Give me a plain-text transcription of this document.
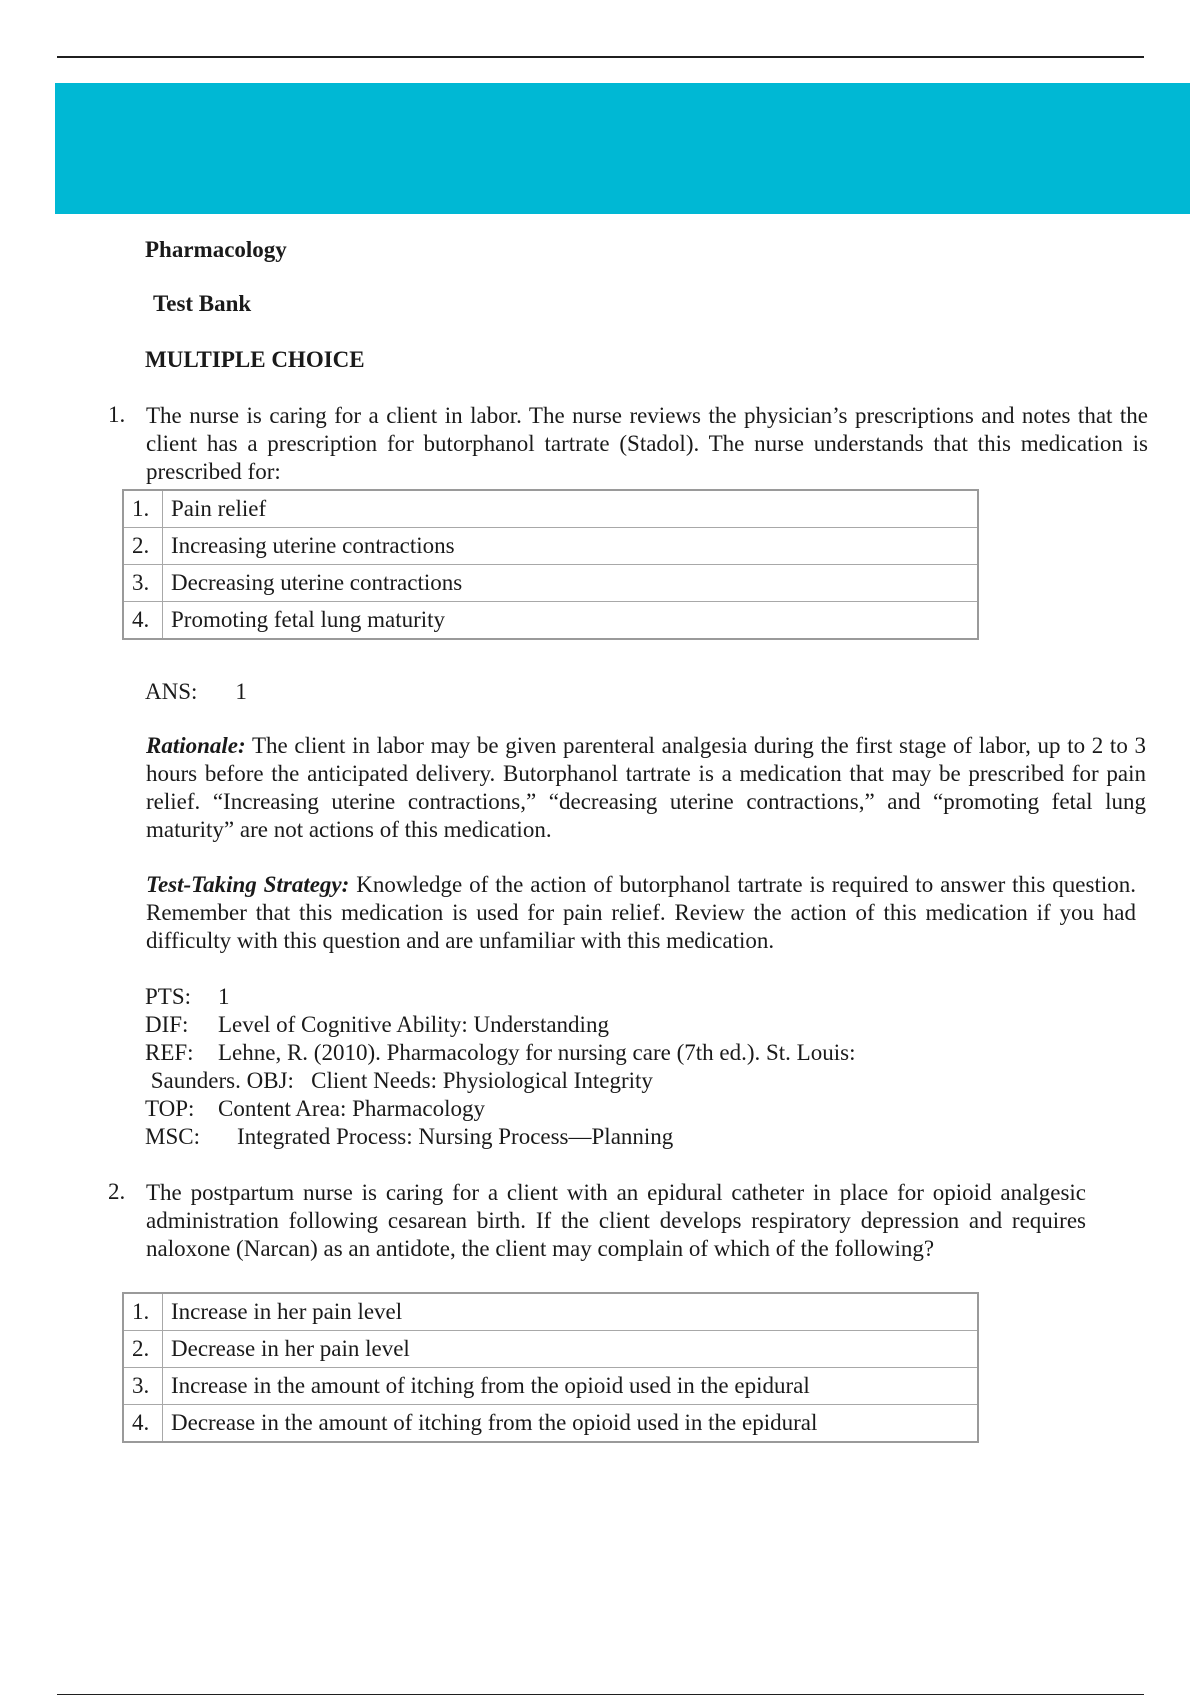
Pharmacology
Test Bank
MULTIPLE CHOICE
1. The nurse is caring for a client in labor. The nurse reviews the physician’s prescriptions and notes that the client has a prescription for butorphanol tartrate (Stadol). The nurse understands that this medication is prescribed for:
1.	Pain relief
2.	Increasing uterine contractions
3.	Decreasing uterine contractions
4.	Promoting fetal lung maturity
ANS: 1
Rationale: The client in labor may be given parenteral analgesia during the first stage of labor, up to 2 to 3 hours before the anticipated delivery. Butorphanol tartrate is a medication that may be prescribed for pain relief. “Increasing uterine contractions,” “decreasing uterine contractions,” and “promoting fetal lung maturity” are not actions of this medication.
Test-Taking Strategy: Knowledge of the action of butorphanol tartrate is required to answer this question. Remember that this medication is used for pain relief. Review the action of this medication if you had difficulty with this question and are unfamiliar with this medication.
PTS: 1
DIF: Level of Cognitive Ability: Understanding
REF: Lehne, R. (2010). Pharmacology for nursing care (7th ed.). St. Louis:
Saunders. OBJ: Client Needs: Physiological Integrity
TOP: Content Area: Pharmacology
MSC: Integrated Process: Nursing Process—Planning
2. The postpartum nurse is caring for a client with an epidural catheter in place for opioid analgesic administration following cesarean birth. If the client develops respiratory depression and requires naloxone (Narcan) as an antidote, the client may complain of which of the following?
1.	Increase in her pain level
2.	Decrease in her pain level
3.	Increase in the amount of itching from the opioid used in the epidural
4.	Decrease in the amount of itching from the opioid used in the epidural
